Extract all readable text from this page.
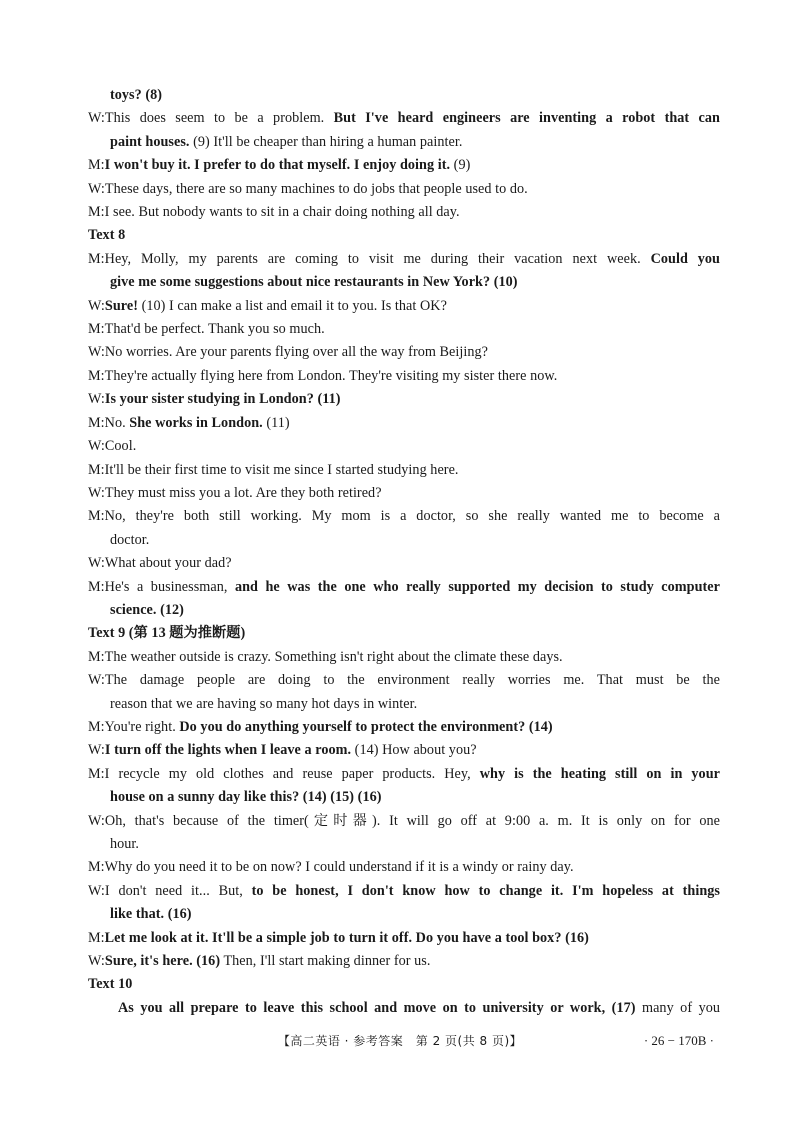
toys? (8)
W:This does seem to be a problem. But I've heard engineers are inventing a robot that can
paint houses. (9) It'll be cheaper than hiring a human painter.
M:I won't buy it. I prefer to do that myself. I enjoy doing it. (9)
W:These days, there are so many machines to do jobs that people used to do.
M:I see. But nobody wants to sit in a chair doing nothing all day.
Text 8
M:Hey, Molly, my parents are coming to visit me during their vacation next week. Could you
give me some suggestions about nice restaurants in New York? (10)
W:Sure! (10) I can make a list and email it to you. Is that OK?
M:That'd be perfect. Thank you so much.
W:No worries. Are your parents flying over all the way from Beijing?
M:They're actually flying here from London. They're visiting my sister there now.
W:Is your sister studying in London? (11)
M:No. She works in London. (11)
W:Cool.
M:It'll be their first time to visit me since I started studying here.
W:They must miss you a lot. Are they both retired?
M:No, they're both still working. My mom is a doctor, so she really wanted me to become a
doctor.
W:What about your dad?
M:He's a businessman, and he was the one who really supported my decision to study computer
science. (12)
Text 9 (第 13 题为推断题)
M:The weather outside is crazy. Something isn't right about the climate these days.
W:The damage people are doing to the environment really worries me. That must be the
reason that we are having so many hot days in winter.
M:You're right. Do you do anything yourself to protect the environment? (14)
W:I turn off the lights when I leave a room. (14) How about you?
M:I recycle my old clothes and reuse paper products. Hey, why is the heating still on in your
house on a sunny day like this? (14) (15) (16)
W:Oh, that's because of the timer(定时器). It will go off at 9:00 a. m. It is only on for one
hour.
M:Why do you need it to be on now? I could understand if it is a windy or rainy day.
W:I don't need it... But, to be honest, I don't know how to change it. I'm hopeless at things
like that. (16)
M:Let me look at it. It'll be a simple job to turn it off. Do you have a tool box? (16)
W:Sure, it's here. (16) Then, I'll start making dinner for us.
Text 10
As you all prepare to leave this school and move on to university or work, (17) many of you
【高二英语 · 参考答案　第 2 页(共 8 页)】	· 26 − 170B ·
